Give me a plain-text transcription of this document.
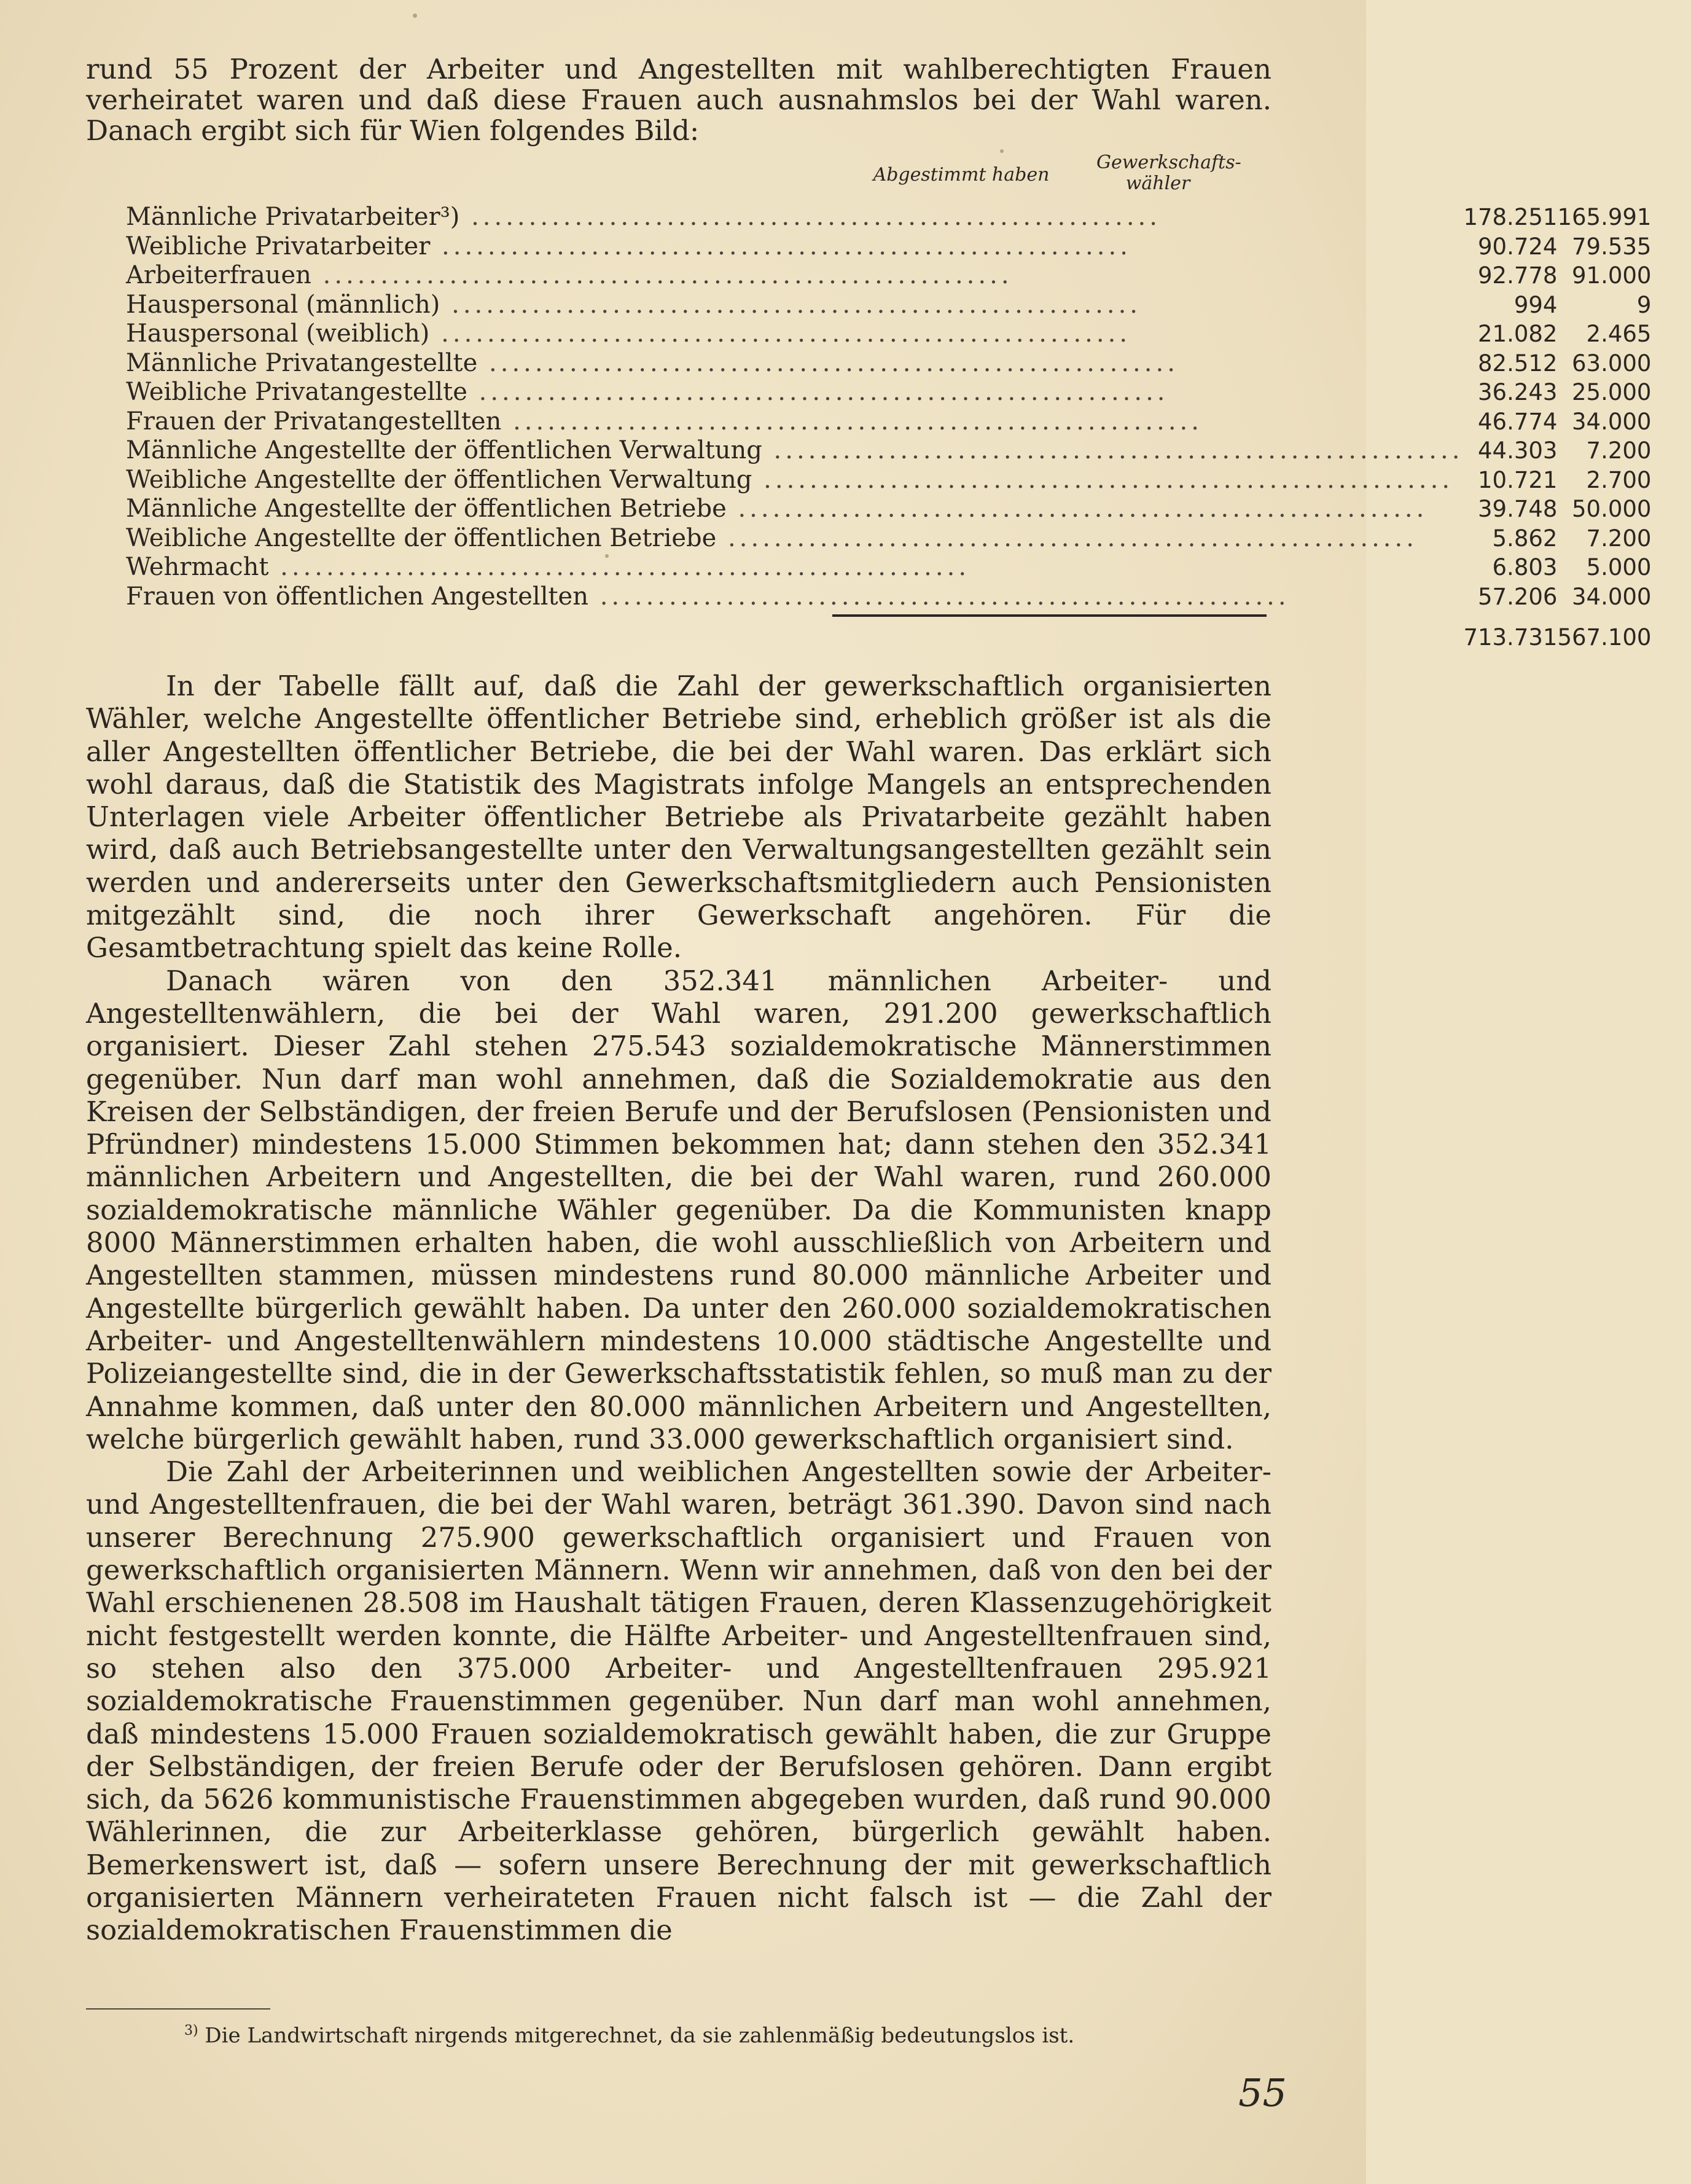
rund 55 Prozent der Arbeiter und Angestellten mit wahlberechtigten Frauen verheiratet waren und daß diese Frauen auch ausnahmslos bei der Wahl waren. Danach ergibt sich für Wien folgendes Bild:

Abgestimmt haben
Gewerkschafts-wähler
Männliche Privatarbeiter³) ............................................................	178.251	165.991
Weibliche Privatarbeiter ............................................................	90.724	79.535
Arbeiterfrauen ............................................................	92.778	91.000
Hauspersonal (männlich) ............................................................	994	9
Hauspersonal (weiblich) ............................................................	21.082	2.465
Männliche Privatangestellte ............................................................	82.512	63.000
Weibliche Privatangestellte ............................................................	36.243	25.000
Frauen der Privatangestellten ............................................................	46.774	34.000
Männliche Angestellte der öffentlichen Verwaltung ............................................................	44.303	7.200
Weibliche Angestellte der öffentlichen Verwaltung ............................................................	10.721	2.700
Männliche Angestellte der öffentlichen Betriebe ............................................................	39.748	50.000
Weibliche Angestellte der öffentlichen Betriebe ............................................................	5.862	7.200
Wehrmacht ............................................................	6.803	5.000
Frauen von öffentlichen Angestellten ............................................................	57.206	34.000
	713.731	567.100

In der Tabelle fällt auf, daß die Zahl der gewerkschaftlich organisierten Wähler, welche Angestellte öffentlicher Betriebe sind, erheblich größer ist als die aller Angestellten öffentlicher Betriebe, die bei der Wahl waren. Das erklärt sich wohl daraus, daß die Statistik des Magistrats infolge Mangels an entsprechenden Unterlagen viele Arbeiter öffentlicher Betriebe als Privatarbeite gezählt haben wird, daß auch Betriebsangestellte unter den Verwaltungsangestellten gezählt sein werden und andererseits unter den Gewerkschaftsmitgliedern auch Pensionisten mitgezählt sind, die noch ihrer Gewerkschaft angehören. Für die Gesamtbetrachtung spielt das keine Rolle.

Danach wären von den 352.341 männlichen Arbeiter- und Angestelltenwählern, die bei der Wahl waren, 291.200 gewerkschaftlich organisiert. Dieser Zahl stehen 275.543 sozialdemokratische Männerstimmen gegenüber. Nun darf man wohl annehmen, daß die Sozialdemokratie aus den Kreisen der Selbständigen, der freien Berufe und der Berufslosen (Pensionisten und Pfründner) mindestens 15.000 Stimmen bekommen hat; dann stehen den 352.341 männlichen Arbeitern und Angestellten, die bei der Wahl waren, rund 260.000 sozialdemokratische männliche Wähler gegenüber. Da die Kommunisten knapp 8000 Männerstimmen erhalten haben, die wohl ausschließlich von Arbeitern und Angestellten stammen, müssen mindestens rund 80.000 männliche Arbeiter und Angestellte bürgerlich gewählt haben. Da unter den 260.000 sozialdemokratischen Arbeiter- und Angestelltenwählern mindestens 10.000 städtische Angestellte und Polizeiangestellte sind, die in der Gewerkschaftsstatistik fehlen, so muß man zu der Annahme kommen, daß unter den 80.000 männlichen Arbeitern und Angestellten, welche bürgerlich gewählt haben, rund 33.000 gewerkschaftlich organisiert sind.

Die Zahl der Arbeiterinnen und weiblichen Angestellten sowie der Arbeiter- und Angestelltenfrauen, die bei der Wahl waren, beträgt 361.390. Davon sind nach unserer Berechnung 275.900 gewerkschaftlich organisiert und Frauen von gewerkschaftlich organisierten Männern. Wenn wir annehmen, daß von den bei der Wahl erschienenen 28.508 im Haushalt tätigen Frauen, deren Klassenzugehörigkeit nicht festgestellt werden konnte, die Hälfte Arbeiter- und Angestelltenfrauen sind, so stehen also den 375.000 Arbeiter- und Angestelltenfrauen 295.921 sozialdemokratische Frauenstimmen gegenüber. Nun darf man wohl annehmen, daß mindestens 15.000 Frauen sozialdemokratisch gewählt haben, die zur Gruppe der Selbständigen, der freien Berufe oder der Berufslosen gehören. Dann ergibt sich, da 5626 kommunistische Frauenstimmen abgegeben wurden, daß rund 90.000 Wählerinnen, die zur Arbeiterklasse gehören, bürgerlich gewählt haben. Bemerkenswert ist, daß — sofern unsere Berechnung der mit gewerkschaftlich organisierten Männern verheirateten Frauen nicht falsch ist — die Zahl der sozialdemokratischen Frauenstimmen die

$^{3)}$ Die Landwirtschaft nirgends mitgerechnet, da sie zahlenmäßig bedeutungslos ist.
55
